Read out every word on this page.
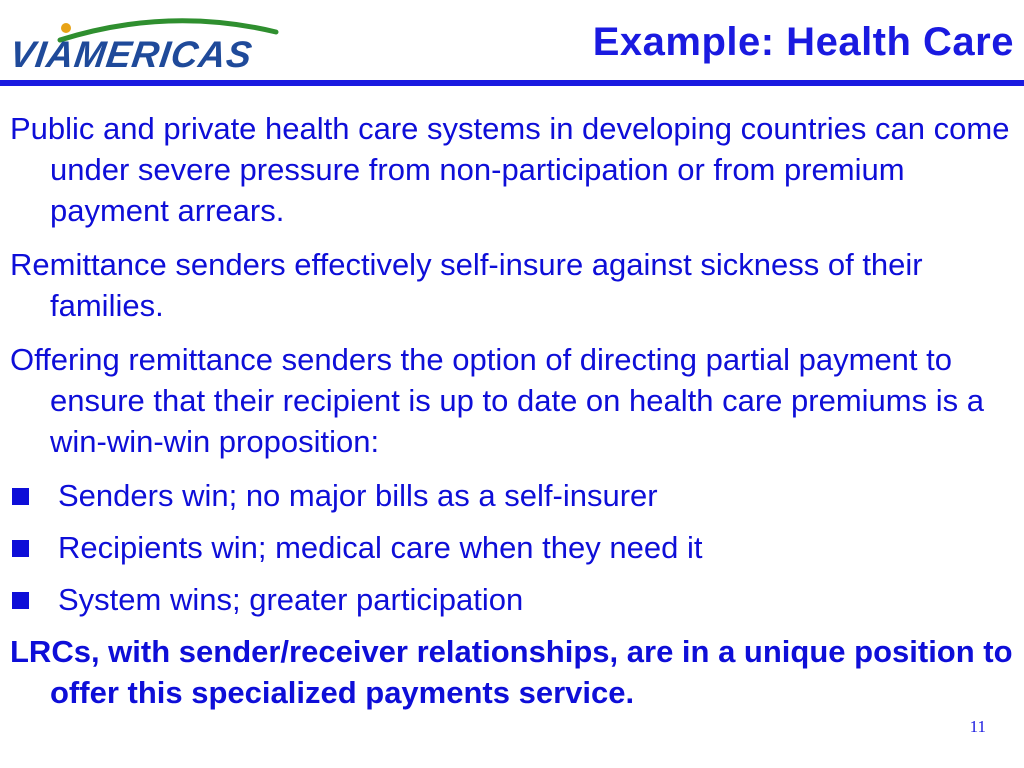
VIAMERICAS	Example: Health Care
Public and private health care systems in developing countries can come under severe pressure from non-participation or from premium payment arrears.
Remittance senders effectively self-insure against sickness of their families.
Offering remittance senders the option of directing partial payment to ensure that their recipient is up to date on health care premiums is a win-win-win proposition:
Senders win; no major bills as a self-insurer
Recipients win; medical care when they need it
System wins; greater participation
LRCs, with sender/receiver relationships, are in a unique position to offer this specialized payments service.
11
